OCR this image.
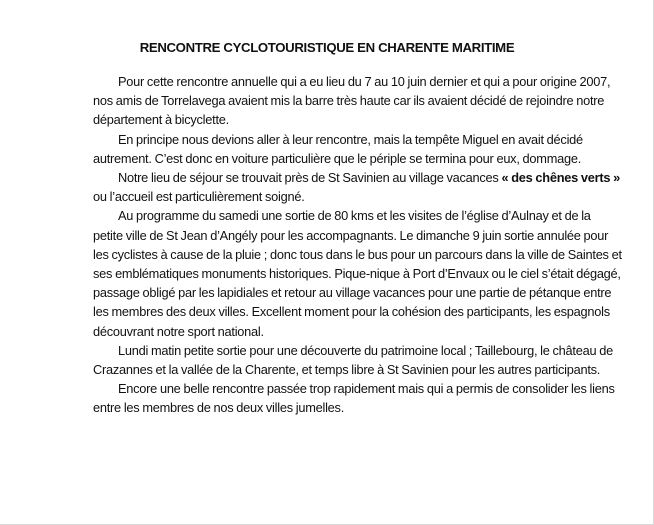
RENCONTRE CYCLOTOURISTIQUE EN CHARENTE MARITIME

Pour cette rencontre annuelle qui a eu lieu du 7 au 10 juin dernier et qui a pour origine 2007, nos amis de Torrelavega avaient mis la barre très haute car ils avaient décidé de rejoindre notre département à bicyclette.

En principe nous devions aller à leur rencontre, mais la tempête Miguel en avait décidé autrement. C’est donc en voiture particulière que le périple se termina pour eux, dommage.

Notre lieu de séjour se trouvait près de St Savinien au village vacances « des chênes verts » ou l’accueil est particulièrement soigné.

Au programme du samedi une sortie de 80 kms et les visites de l’église d’Aulnay et de la petite ville de St Jean d’Angély pour les accompagnants. Le dimanche 9 juin sortie annulée pour les cyclistes à cause de la pluie ; donc tous dans le bus pour un parcours dans la ville de Saintes et ses emblématiques monuments historiques. Pique-nique à Port d’Envaux ou le ciel s’était dégagé, passage obligé par les lapidiales et retour au village vacances pour une partie de pétanque entre les membres des deux villes. Excellent moment pour la cohésion des participants, les espagnols découvrant notre sport national.

Lundi matin petite sortie pour une découverte du patrimoine local ; Taillebourg, le château de Crazannes et la vallée de la Charente, et temps libre à St Savinien pour les autres participants.

Encore une belle rencontre passée trop rapidement mais qui a permis de consolider les liens entre les membres de nos deux villes jumelles.
